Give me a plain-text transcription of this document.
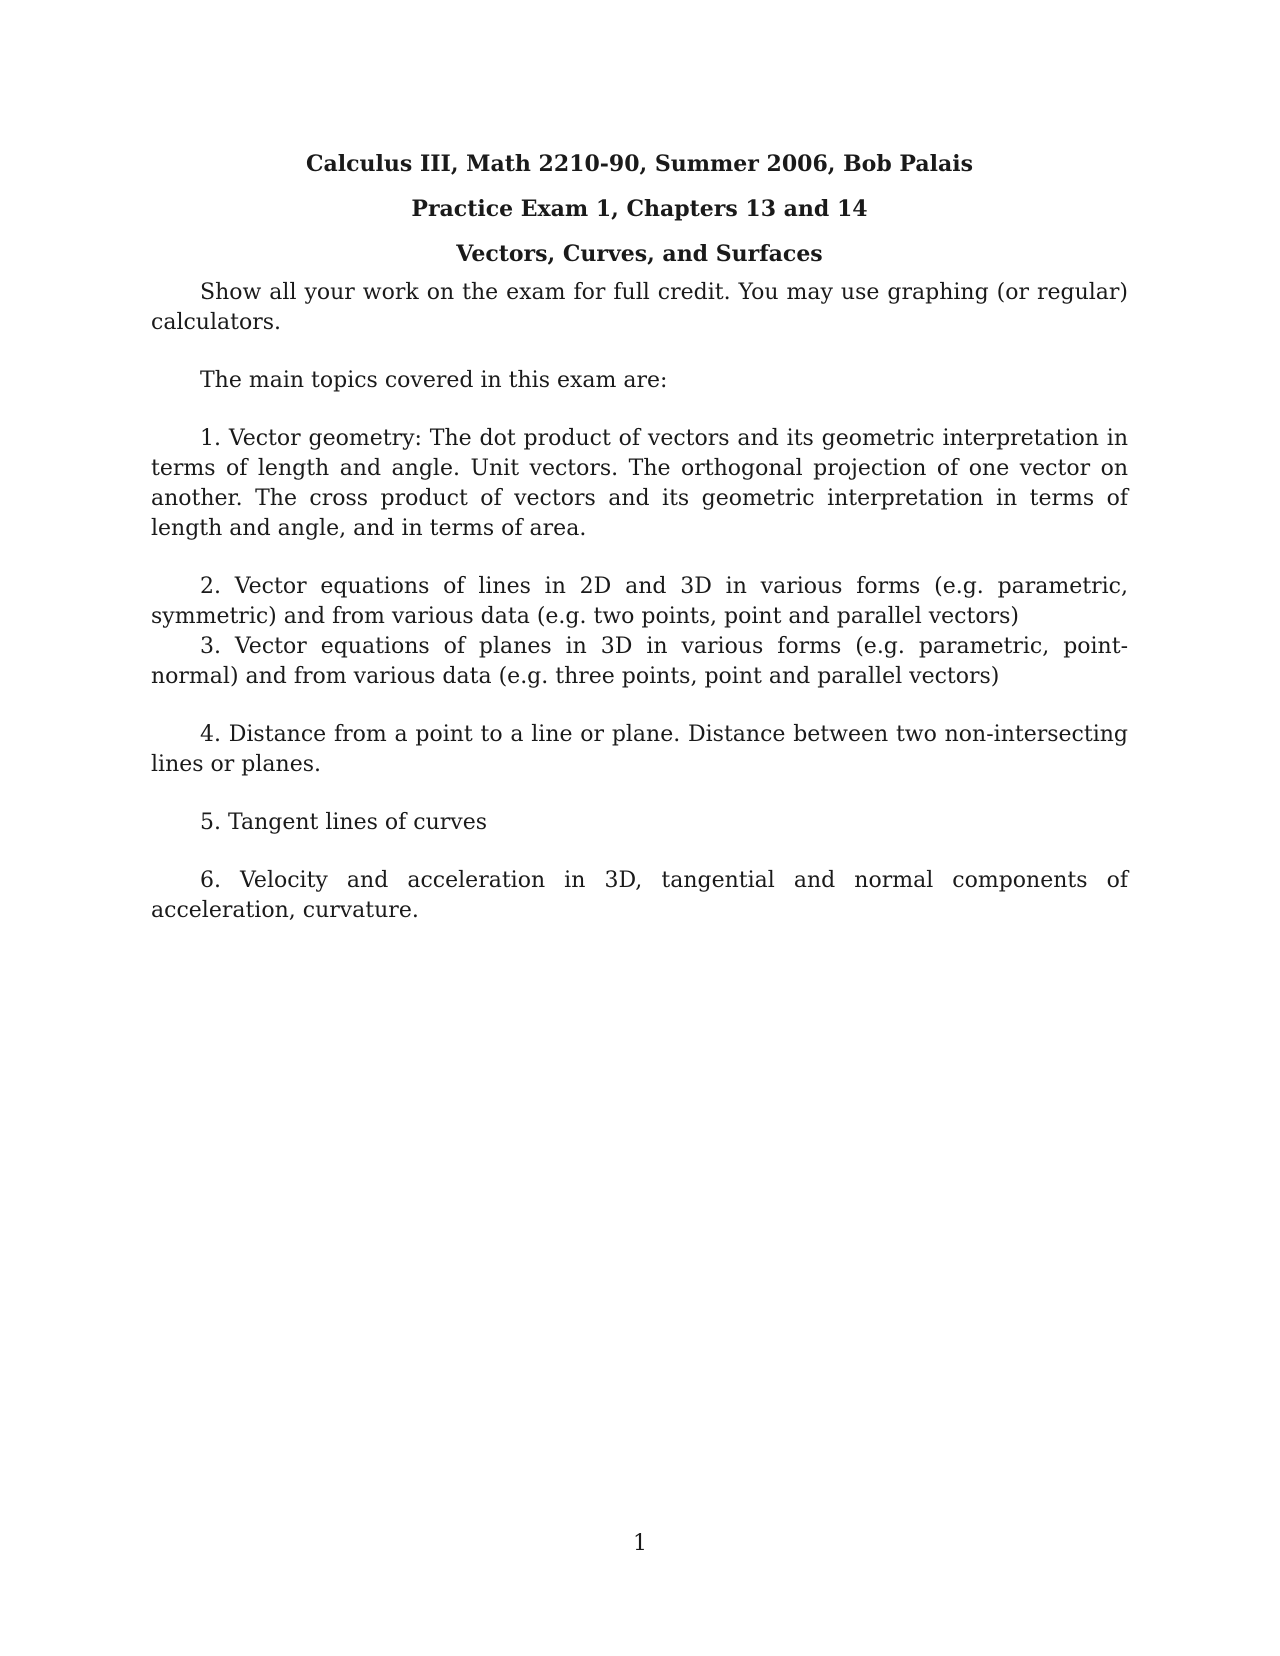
Calculus III, Math 2210-90, Summer 2006, Bob Palais

Practice Exam 1, Chapters 13 and 14

Vectors, Curves, and Surfaces

Show all your work on the exam for full credit. You may use graphing (or regular) calculators.

The main topics covered in this exam are:

1. Vector geometry: The dot product of vectors and its geometric interpretation in terms of length and angle. Unit vectors. The orthogonal projection of one vector on another. The cross product of vectors and its geometric interpretation in terms of length and angle, and in terms of area.

2. Vector equations of lines in 2D and 3D in various forms (e.g. parametric, symmetric) and from various data (e.g. two points, point and parallel vectors)

3. Vector equations of planes in 3D in various forms (e.g. parametric, point-normal) and from various data (e.g. three points, point and parallel vectors)

4. Distance from a point to a line or plane. Distance between two non-intersecting lines or planes.

5. Tangent lines of curves

6. Velocity and acceleration in 3D, tangential and normal components of acceleration, curvature.

1
